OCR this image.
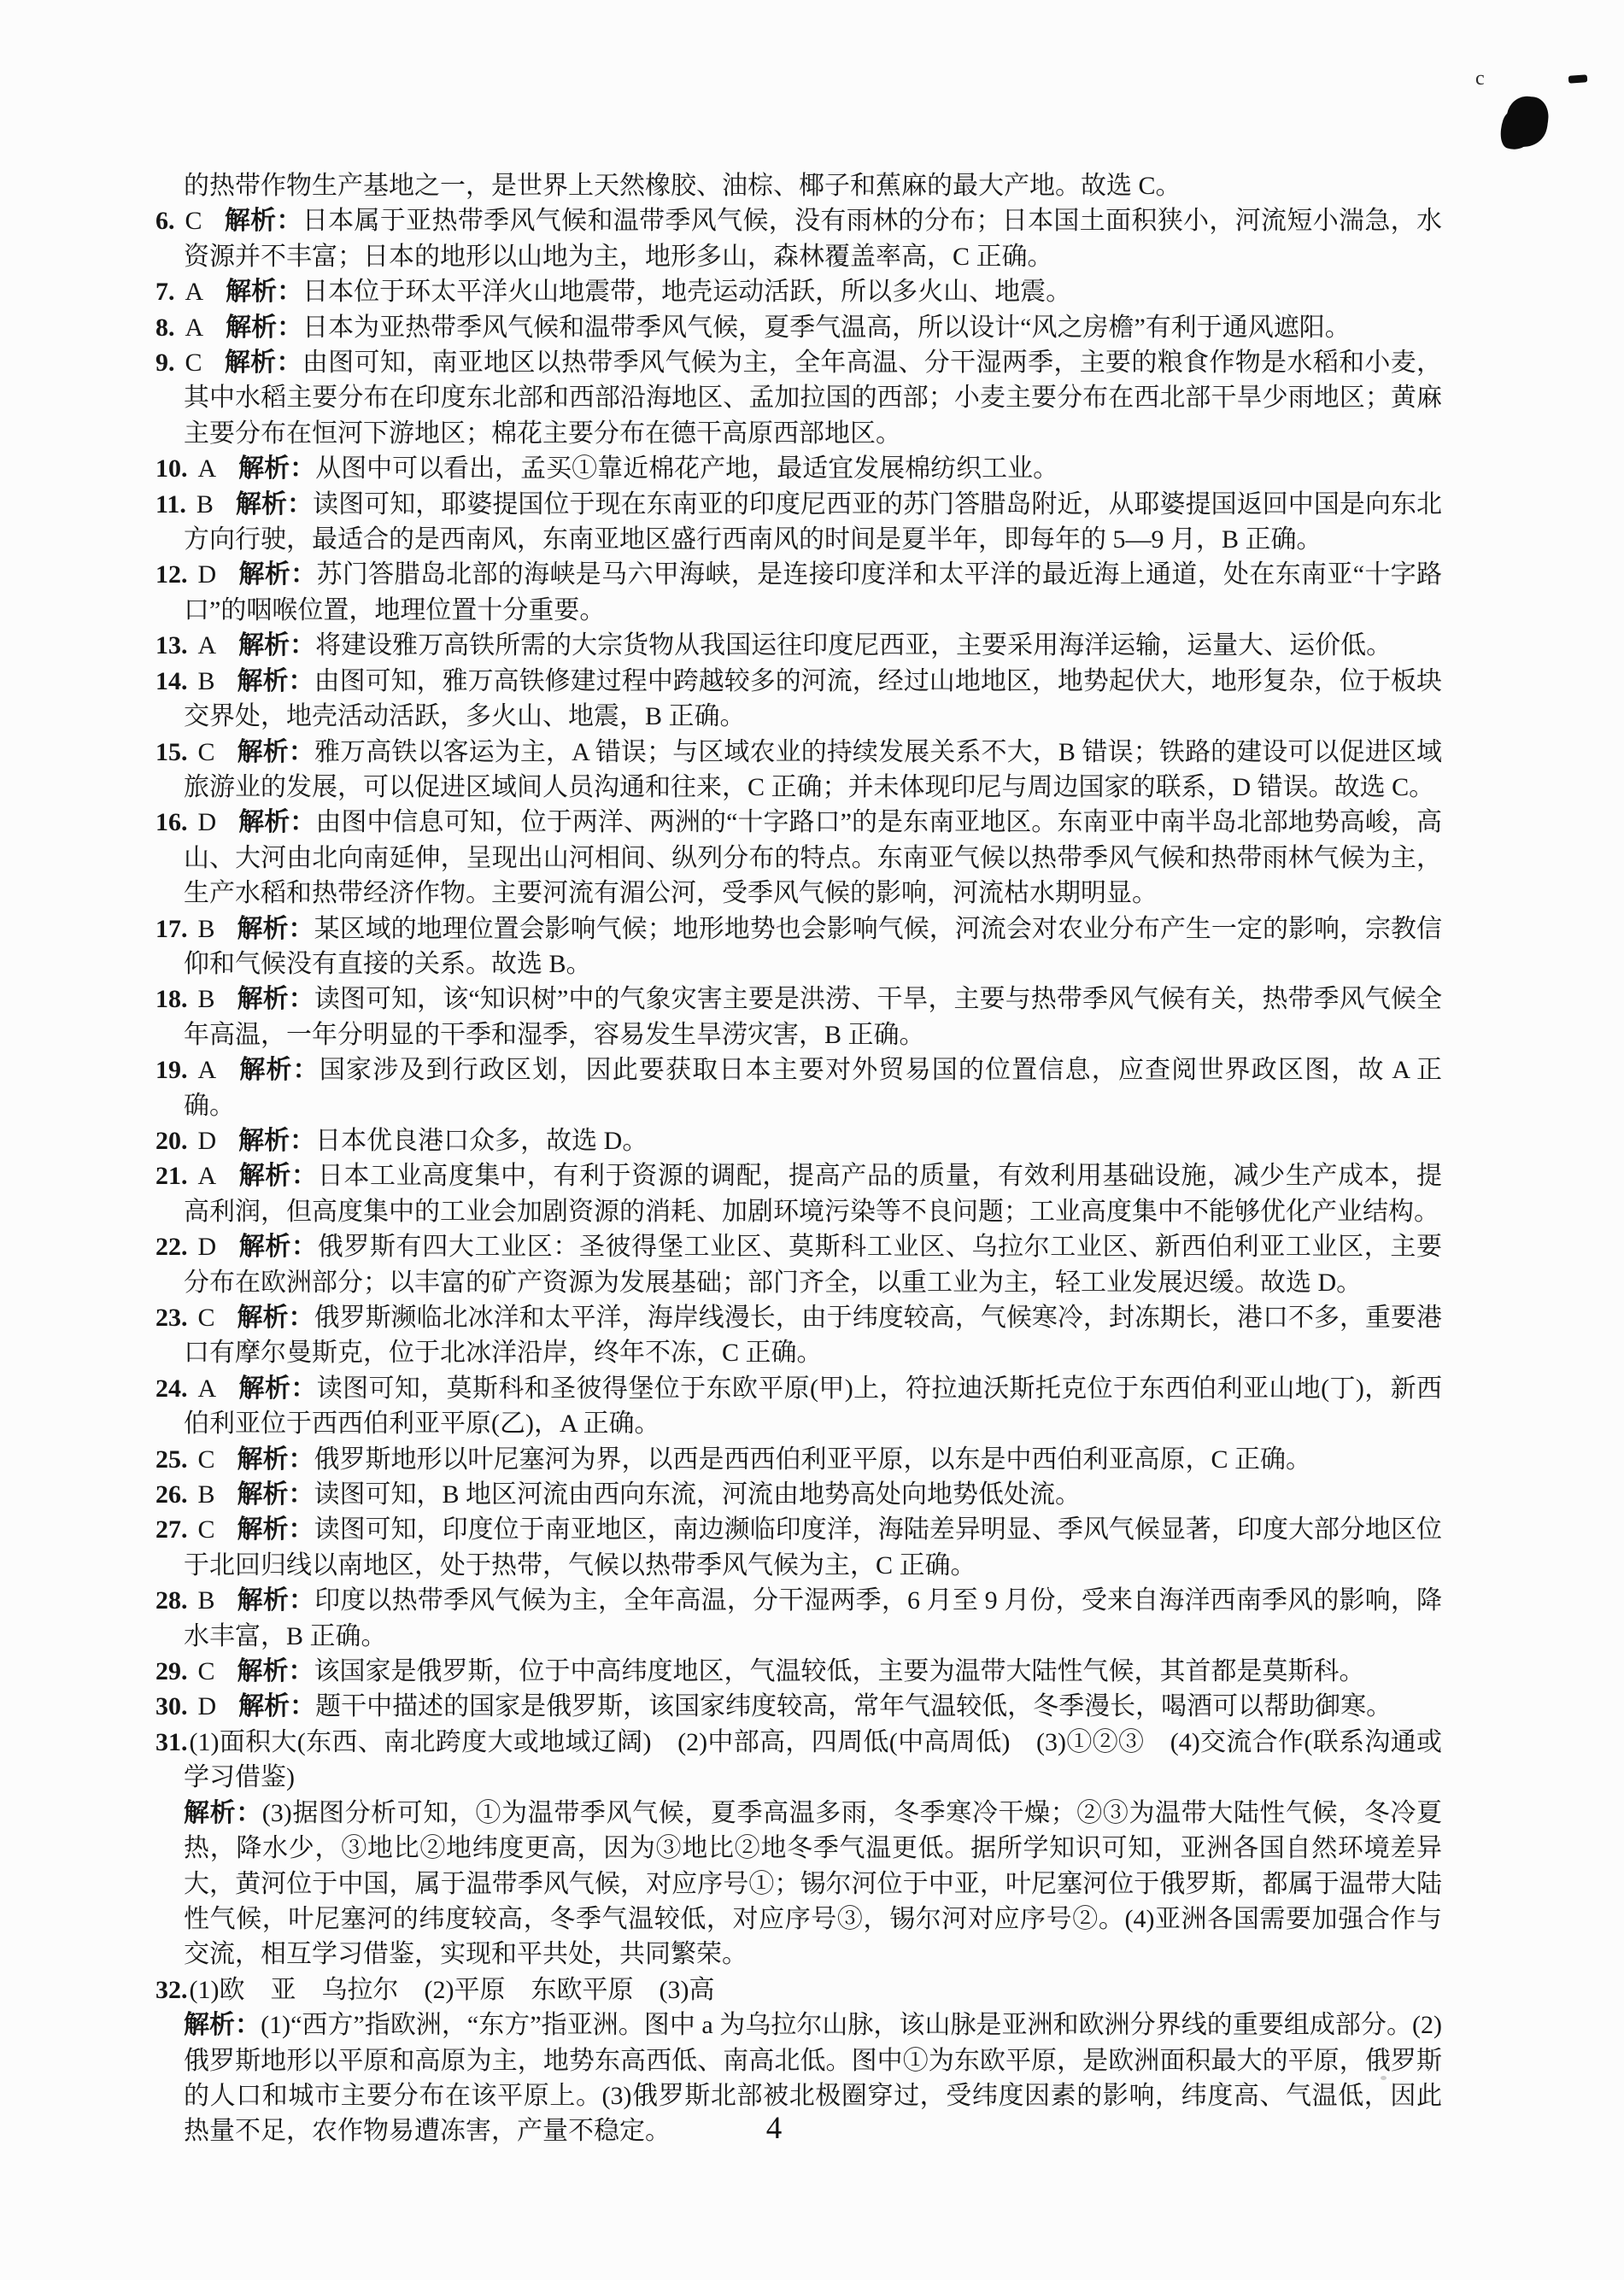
c
的热带作物生产基地之一，是世界上天然橡胶、油棕、椰子和蕉麻的最大产地。故选 C。
6. C 解析：日本属于亚热带季风气候和温带季风气候，没有雨林的分布；日本国土面积狭小，河流短小湍急，水资源并不丰富；日本的地形以山地为主，地形多山，森林覆盖率高，C 正确。
7. A 解析：日本位于环太平洋火山地震带，地壳运动活跃，所以多火山、地震。
8. A 解析：日本为亚热带季风气候和温带季风气候，夏季气温高，所以设计“风之房檐”有利于通风遮阳。
9. C 解析：由图可知，南亚地区以热带季风气候为主，全年高温、分干湿两季，主要的粮食作物是水稻和小麦，其中水稻主要分布在印度东北部和西部沿海地区、孟加拉国的西部；小麦主要分布在西北部干旱少雨地区；黄麻主要分布在恒河下游地区；棉花主要分布在德干高原西部地区。
10. A 解析：从图中可以看出，孟买①靠近棉花产地，最适宜发展棉纺织工业。
11. B 解析：读图可知，耶婆提国位于现在东南亚的印度尼西亚的苏门答腊岛附近，从耶婆提国返回中国是向东北方向行驶，最适合的是西南风，东南亚地区盛行西南风的时间是夏半年，即每年的 5—9 月，B 正确。
12. D 解析：苏门答腊岛北部的海峡是马六甲海峡，是连接印度洋和太平洋的最近海上通道，处在东南亚“十字路口”的咽喉位置，地理位置十分重要。
13. A 解析：将建设雅万高铁所需的大宗货物从我国运往印度尼西亚，主要采用海洋运输，运量大、运价低。
14. B 解析：由图可知，雅万高铁修建过程中跨越较多的河流，经过山地地区，地势起伏大，地形复杂，位于板块交界处，地壳活动活跃，多火山、地震，B 正确。
15. C 解析：雅万高铁以客运为主，A 错误；与区域农业的持续发展关系不大，B 错误；铁路的建设可以促进区域旅游业的发展，可以促进区域间人员沟通和往来，C 正确；并未体现印尼与周边国家的联系，D 错误。故选 C。
16. D 解析：由图中信息可知，位于两洋、两洲的“十字路口”的是东南亚地区。东南亚中南半岛北部地势高峻，高山、大河由北向南延伸，呈现出山河相间、纵列分布的特点。东南亚气候以热带季风气候和热带雨林气候为主，生产水稻和热带经济作物。主要河流有湄公河，受季风气候的影响，河流枯水期明显。
17. B 解析：某区域的地理位置会影响气候；地形地势也会影响气候，河流会对农业分布产生一定的影响，宗教信仰和气候没有直接的关系。故选 B。
18. B 解析：读图可知，该“知识树”中的气象灾害主要是洪涝、干旱，主要与热带季风气候有关，热带季风气候全年高温，一年分明显的干季和湿季，容易发生旱涝灾害，B 正确。
19. A 解析：国家涉及到行政区划，因此要获取日本主要对外贸易国的位置信息，应查阅世界政区图，故 A 正确。
20. D 解析：日本优良港口众多，故选 D。
21. A 解析：日本工业高度集中，有利于资源的调配，提高产品的质量，有效利用基础设施，减少生产成本，提高利润，但高度集中的工业会加剧资源的消耗、加剧环境污染等不良问题；工业高度集中不能够优化产业结构。
22. D 解析：俄罗斯有四大工业区：圣彼得堡工业区、莫斯科工业区、乌拉尔工业区、新西伯利亚工业区，主要分布在欧洲部分；以丰富的矿产资源为发展基础；部门齐全，以重工业为主，轻工业发展迟缓。故选 D。
23. C 解析：俄罗斯濒临北冰洋和太平洋，海岸线漫长，由于纬度较高，气候寒冷，封冻期长，港口不多，重要港口有摩尔曼斯克，位于北冰洋沿岸，终年不冻，C 正确。
24. A 解析：读图可知，莫斯科和圣彼得堡位于东欧平原(甲)上，符拉迪沃斯托克位于东西伯利亚山地(丁)，新西伯利亚位于西西伯利亚平原(乙)，A 正确。
25. C 解析：俄罗斯地形以叶尼塞河为界，以西是西西伯利亚平原，以东是中西伯利亚高原，C 正确。
26. B 解析：读图可知，B 地区河流由西向东流，河流由地势高处向地势低处流。
27. C 解析：读图可知，印度位于南亚地区，南边濒临印度洋，海陆差异明显、季风气候显著，印度大部分地区位于北回归线以南地区，处于热带，气候以热带季风气候为主，C 正确。
28. B 解析：印度以热带季风气候为主，全年高温，分干湿两季，6 月至 9 月份，受来自海洋西南季风的影响，降水丰富，B 正确。
29. C 解析：该国家是俄罗斯，位于中高纬度地区，气温较低，主要为温带大陆性气候，其首都是莫斯科。
30. D 解析：题干中描述的国家是俄罗斯，该国家纬度较高，常年气温较低，冬季漫长，喝酒可以帮助御寒。
31.(1)面积大(东西、南北跨度大或地域辽阔)　(2)中部高，四周低(中高周低)　(3)①②③　(4)交流合作(联系沟通或学习借鉴)
解析：(3)据图分析可知，①为温带季风气候，夏季高温多雨，冬季寒冷干燥；②③为温带大陆性气候，冬冷夏热，降水少，③地比②地纬度更高，因为③地比②地冬季气温更低。据所学知识可知，亚洲各国自然环境差异大，黄河位于中国，属于温带季风气候，对应序号①；锡尔河位于中亚，叶尼塞河位于俄罗斯，都属于温带大陆性气候，叶尼塞河的纬度较高，冬季气温较低，对应序号③，锡尔河对应序号②。(4)亚洲各国需要加强合作与交流，相互学习借鉴，实现和平共处，共同繁荣。
32.(1)欧　亚　乌拉尔　(2)平原　东欧平原　(3)高
解析：(1)“西方”指欧洲，“东方”指亚洲。图中 a 为乌拉尔山脉，该山脉是亚洲和欧洲分界线的重要组成部分。(2)俄罗斯地形以平原和高原为主，地势东高西低、南高北低。图中①为东欧平原，是欧洲面积最大的平原，俄罗斯的人口和城市主要分布在该平原上。(3)俄罗斯北部被北极圈穿过，受纬度因素的影响，纬度高、气温低，因此热量不足，农作物易遭冻害，产量不稳定。	4
